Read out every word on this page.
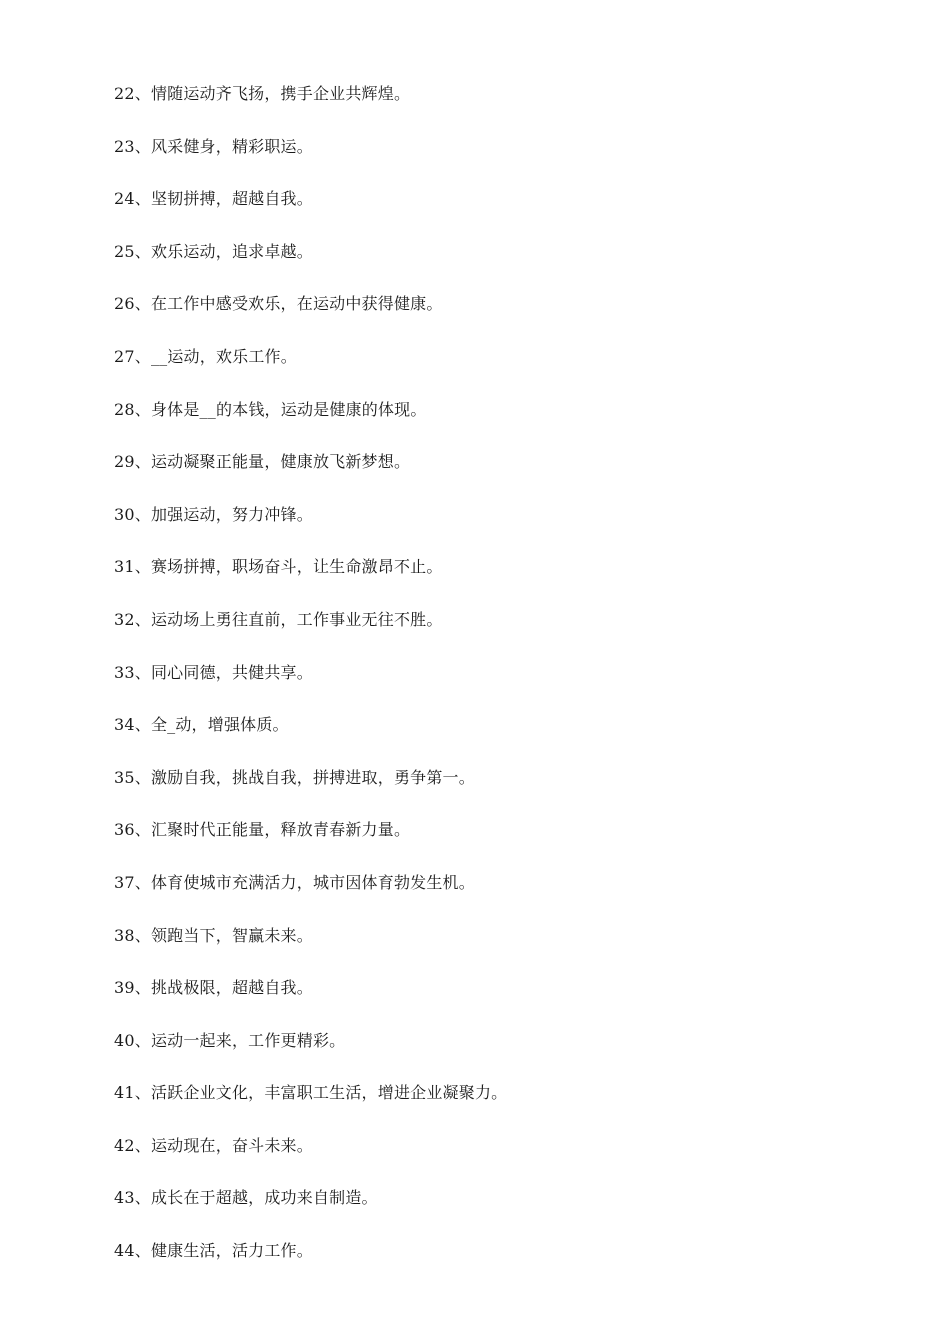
22、情随运动齐飞扬，携手企业共辉煌。
23、风采健身，精彩职运。
24、坚韧拼搏，超越自我。
25、欢乐运动，追求卓越。
26、在工作中感受欢乐，在运动中获得健康。
27、__运动，欢乐工作。
28、身体是__的本钱，运动是健康的体现。
29、运动凝聚正能量，健康放飞新梦想。
30、加强运动，努力冲锋。
31、赛场拼搏，职场奋斗，让生命激昂不止。
32、运动场上勇往直前，工作事业无往不胜。
33、同心同德，共健共享。
34、全_动，增强体质。
35、激励自我，挑战自我，拼搏进取，勇争第一。
36、汇聚时代正能量，释放青春新力量。
37、体育使城市充满活力，城市因体育勃发生机。
38、领跑当下，智赢未来。
39、挑战极限，超越自我。
40、运动一起来，工作更精彩。
41、活跃企业文化，丰富职工生活，增进企业凝聚力。
42、运动现在，奋斗未来。
43、成长在于超越，成功来自制造。
44、健康生活，活力工作。
